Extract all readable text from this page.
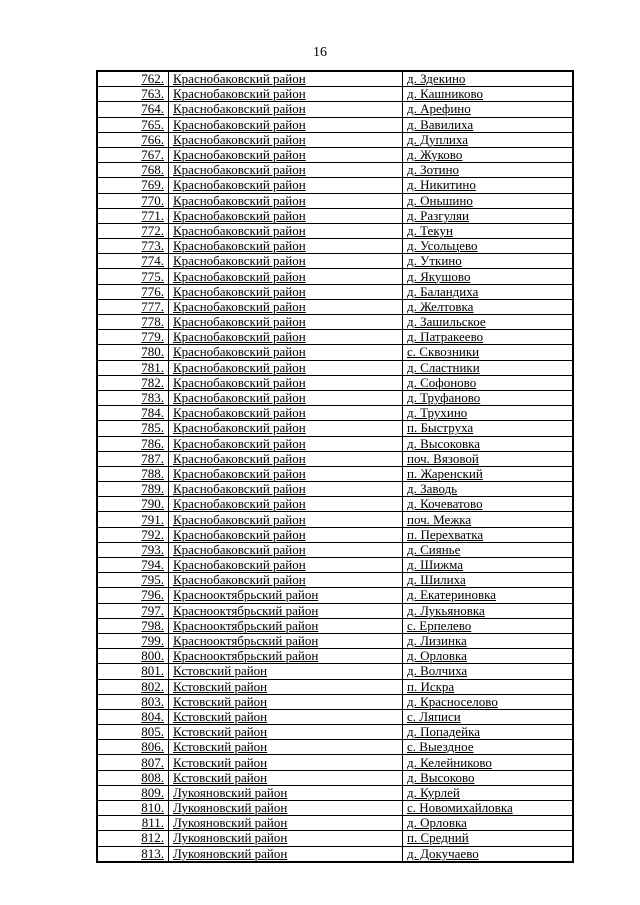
16
762.	Краснобаковский район	д. Здекино
763.	Краснобаковский район	д. Кашниково
764.	Краснобаковский район	д. Арефино
765.	Краснобаковский район	д. Вавилиха
766.	Краснобаковский район	д. Дуплиха
767.	Краснобаковский район	д. Жуково
768.	Краснобаковский район	д. Зотино
769.	Краснобаковский район	д. Никитино
770.	Краснобаковский район	д. Оньшино
771.	Краснобаковский район	д. Разгуляи
772.	Краснобаковский район	д. Текун
773.	Краснобаковский район	д. Усольцево
774.	Краснобаковский район	д. Уткино
775.	Краснобаковский район	д. Якушово
776.	Краснобаковский район	д. Баландиха
777.	Краснобаковский район	д. Желтовка
778.	Краснобаковский район	д. Зашильское
779.	Краснобаковский район	д. Патракеево
780.	Краснобаковский район	с. Сквозники
781.	Краснобаковский район	д. Сластники
782.	Краснобаковский район	д. Софоново
783.	Краснобаковский район	д. Труфаново
784.	Краснобаковский район	д. Трухино
785.	Краснобаковский район	п. Быструха
786.	Краснобаковский район	д. Высоковка
787.	Краснобаковский район	поч. Вязовой
788.	Краснобаковский район	п. Жаренский
789.	Краснобаковский район	д. Заводь
790.	Краснобаковский район	д. Кочеватово
791.	Краснобаковский район	поч. Межка
792.	Краснобаковский район	п. Перехватка
793.	Краснобаковский район	д. Сиянье
794.	Краснобаковский район	д. Шижма
795.	Краснобаковский район	д. Шилиха
796.	Краснооктябрьский район	д. Екатериновка
797.	Краснооктябрьский район	д. Лукьяновка
798.	Краснооктябрьский район	с. Ерпелево
799.	Краснооктябрьский район	д. Лизинка
800.	Краснооктябрьский район	д. Орловка
801.	Кстовский район	д. Волчиха
802.	Кстовский район	п. Искра
803.	Кстовский район	д. Красноселово
804.	Кстовский район	с. Ляписи
805.	Кстовский район	д. Попадейка
806.	Кстовский район	с. Выездное
807.	Кстовский район	д. Келейниково
808.	Кстовский район	д. Высоково
809.	Лукояновский район	д. Курлей
810.	Лукояновский район	с. Новомихайловка
811.	Лукояновский район	д. Орловка
812.	Лукояновский район	п. Средний
813.	Лукояновский район	д. Докучаево
